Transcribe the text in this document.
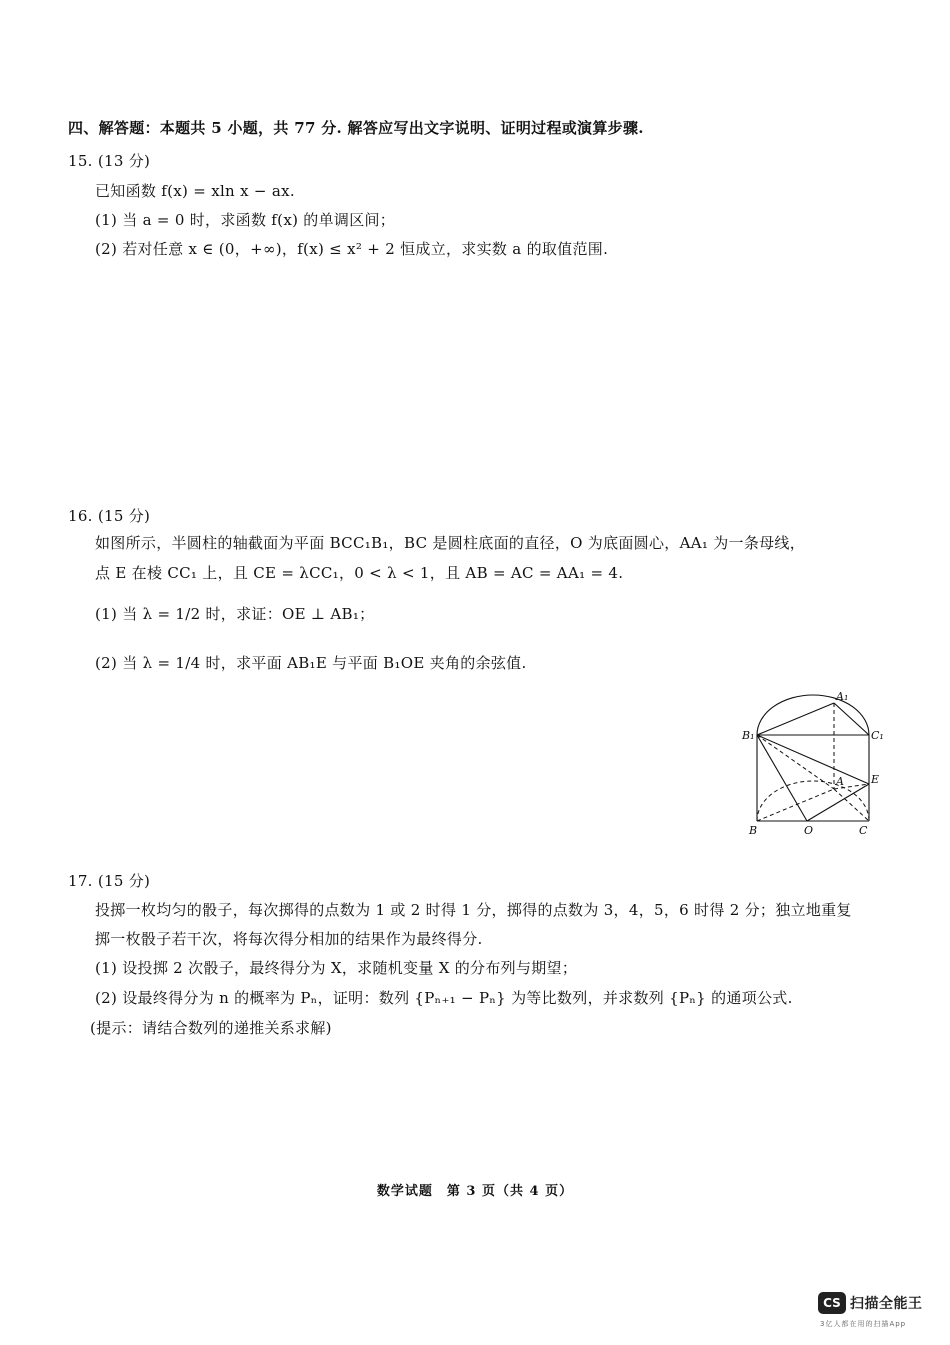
四、解答题：本题共 5 小题，共 77 分. 解答应写出文字说明、证明过程或演算步骤.
15. (13 分)
已知函数 f(x) = xln x − ax.
(1) 当 a = 0 时，求函数 f(x) 的单调区间；
(2) 若对任意 x ∈ (0，+∞)，f(x) ≤ x² + 2 恒成立，求实数 a 的取值范围.
16. (15 分)
如图所示，半圆柱的轴截面为平面 BCC₁B₁，BC 是圆柱底面的直径，O 为底面圆心，AA₁ 为一条母线，
点 E 在棱 CC₁ 上，且 CE = λCC₁，0 < λ < 1，且 AB = AC = AA₁ = 4.
(1) 当 λ = 1/2 时，求证：OE ⊥ AB₁；
(2) 当 λ = 1/4 时，求平面 AB₁E 与平面 B₁OE 夹角的余弦值.
A₁
B₁	C₁
A E
B	O	C
17. (15 分)
投掷一枚均匀的骰子，每次掷得的点数为 1 或 2 时得 1 分，掷得的点数为 3，4，5，6 时得 2 分；独立地重复
掷一枚骰子若干次，将每次得分相加的结果作为最终得分.
(1) 设投掷 2 次骰子，最终得分为 X，求随机变量 X 的分布列与期望；
(2) 设最终得分为 n 的概率为 Pₙ，证明：数列 {Pₙ₊₁ − Pₙ} 为等比数列，并求数列 {Pₙ} 的通项公式.
(提示：请结合数列的递推关系求解)
数学试题　第 3 页（共 4 页）
CS 扫描全能王
3亿人都在用的扫描App
